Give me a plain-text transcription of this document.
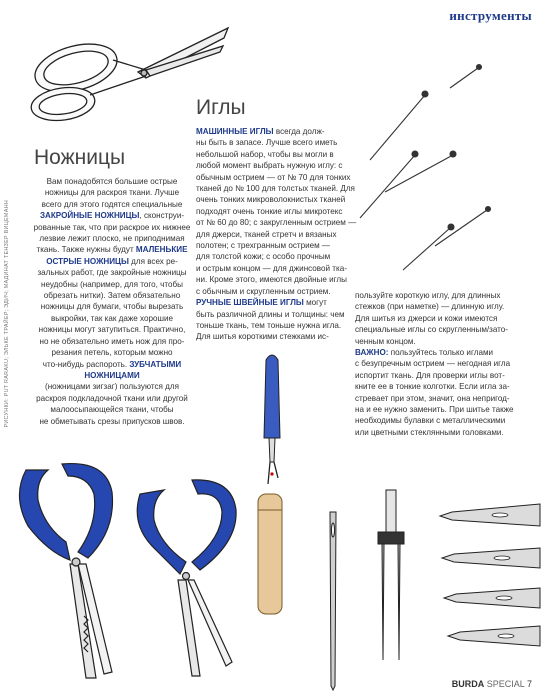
инструменты
РИСУНКИ: PUT RARAKU; ЭЛЬКЕ ТРАЙЕР; ЭДИЧ; МАДИНАТ ТЕНЗЕР ВИЦЕМАНН
Ножницы

Вам понадобятся большие острые

ножницы для раскроя ткани. Лучше

всего для этого годятся специальные

ЗАКРОЙНЫЕ НОЖНИЦЫ, сконструи-

рованные так, что при раскрое их нижнее

лезвие лежит плоско, не приподнимая

ткань. Также нужны будут МАЛЕНЬКИЕ

ОСТРЫЕ НОЖНИЦЫ для всех ре-

зальных работ, где закройные ножницы

неудобны (например, для того, чтобы

обрезать нитки). Затем обязательно

ножницы для бумаги, чтобы вырезать

выкройки, так как даже хорошие

ножницы могут затупиться. Практично,

но не обязательно иметь нож для про-

резания петель, которым можно

что-нибудь распороть. ЗУБЧАТЫМИ

НОЖНИЦАМИ

(ножницами зигзаг) пользуются для

раскроя подкладочной ткани или другой

малоосыпающейся ткани, чтобы

не обметывать срезы припусков швов.

Иглы

МАШИННЫЕ ИГЛЫ всегда долж-

ны быть в запасе. Лучше всего иметь

небольшой набор, чтобы вы могли в

любой момент выбрать нужную иглу: с

обычным острием — от № 70 для тонких

тканей до № 100 для толстых тканей. Для

очень тонких микроволокнистых тканей

подходят очень тонкие иглы микротекс

от № 60 до 80; с закругленным острием —

для джерси, тканей стретч и вязаных

полотен; с трехгранным острием —

для толстой кожи; с особо прочным

и острым концом — для джинсовой тка-

ни. Кроме этого, имеются двойные иглы

с обычным и скругленным острием.

РУЧНЫЕ ШВЕЙНЫЕ ИГЛЫ могут

быть различной длины и толщины: чем

тоньше ткань, тем тоньше нужна игла.

Для шитья короткими стежками ис-

пользуйте короткую иглу, для длинных

стежков (при наметке) — длинную иглу.

Для шитья из джерси и кожи имеются

специальные иглы со скругленным/зато-

ченным концом.

ВАЖНО: пользуйтесь только иглами

с безупречным острием — негодная игла

испортит ткань. Для проверки иглы вот-

кните ее в тонкие колготки. Если игла за-

стревает при этом, значит, она непригод-

на и ее нужно заменить. При шитье также

необходимы булавки с металлическими

или цветными стеклянными головками.

BURDA SPECIAL 7
